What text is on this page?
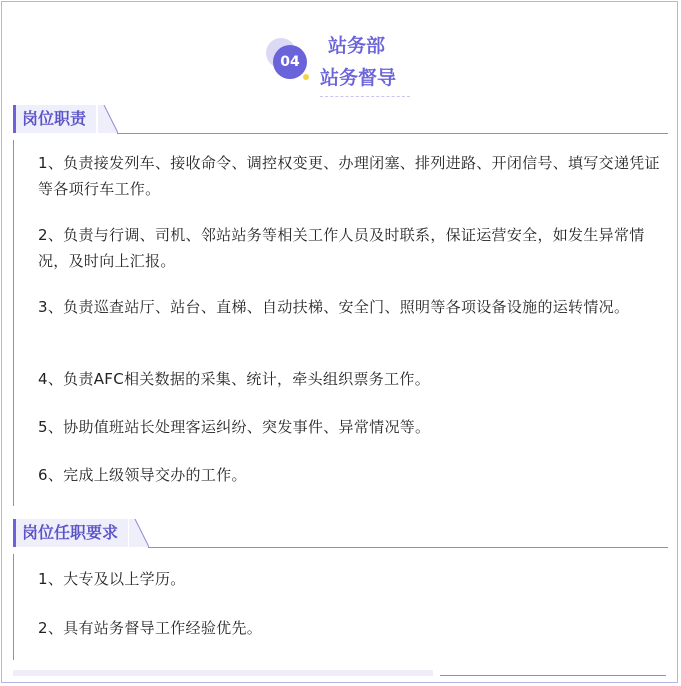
04
站务部
站务督导
岗位职责
1、负责接发列车、接收命令、调控权变更、办理闭塞、排列进路、开闭信号、填写交递凭证等各项行车工作。
2、负责与行调、司机、邻站站务等相关工作人员及时联系，保证运营安全，如发生异常情况，及时向上汇报。
3、负责巡查站厅、站台、直梯、自动扶梯、安全门、照明等各项设备设施的运转情况。
4、负责AFC相关数据的采集、统计，牵头组织票务工作。
5、协助值班站长处理客运纠纷、突发事件、异常情况等。
6、完成上级领导交办的工作。
岗位任职要求
1、大专及以上学历。
2、具有站务督导工作经验优先。
